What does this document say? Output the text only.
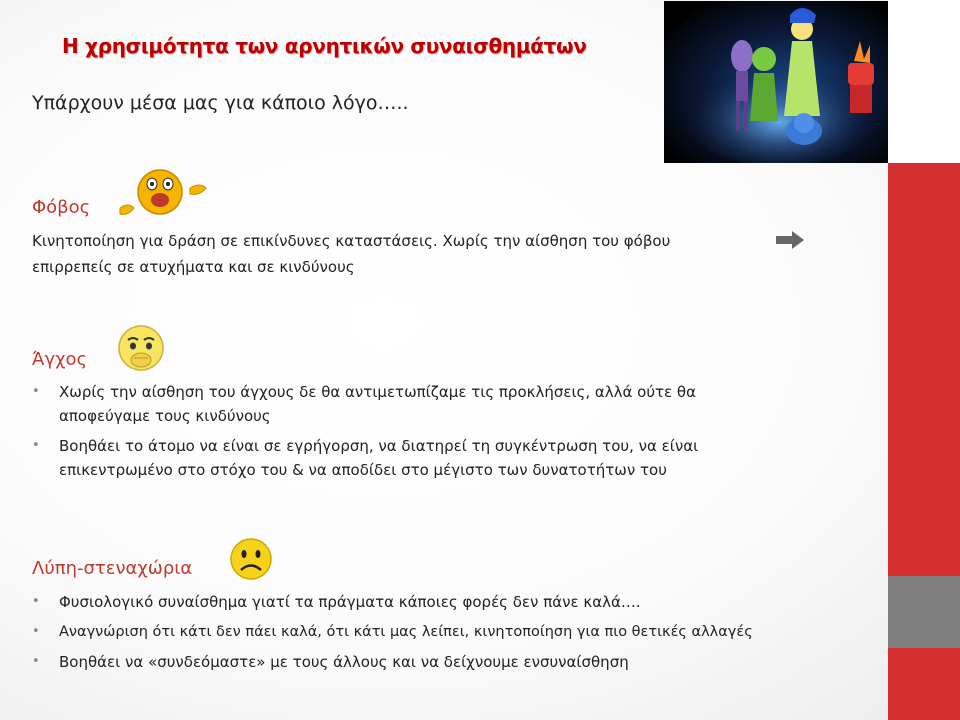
Η χρησιμότητα των αρνητικών συναισθημάτων
Υπάρχουν μέσα μας για κάποιο λόγο…..
Φόβος
Κινητοποίηση για δράση σε επικίνδυνες καταστάσεις. Χωρίς την αίσθηση του φόβου
επιρρεπείς σε ατυχήματα και σε κινδύνους
Άγχος
• Χωρίς την αίσθηση του άγχους δε θα αντιμετωπίζαμε τις προκλήσεις, αλλά ούτε θα
αποφεύγαμε τους κινδύνους
• Βοηθάει το άτομο να είναι σε εγρήγορση, να διατηρεί τη συγκέντρωση του, να είναι
επικεντρωμένο στο στόχο του & να αποδίδει στο μέγιστο των δυνατοτήτων του
Λύπη-στεναχώρια
• Φυσιολογικό συναίσθημα γιατί τα πράγματα κάποιες φορές δεν πάνε καλά….
• Αναγνώριση ότι κάτι δεν πάει καλά, ότι κάτι μας λείπει, κινητοποίηση για πιο θετικές αλλαγές
• Βοηθάει να «συνδεόμαστε» με τους άλλους και να δείχνουμε ενσυναίσθηση
